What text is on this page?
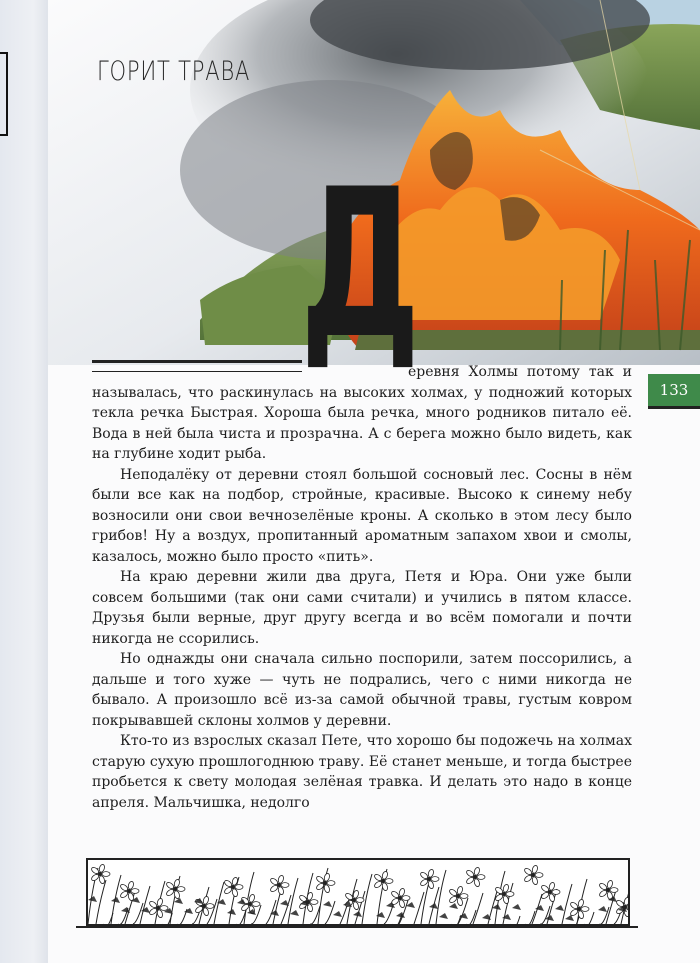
ГОРИТ ТРАВА
Д
133

еревня Холмы потому так и называлась, что раскинулась на высоких холмах, у подножий которых текла речка Быстрая. Хороша была речка, много родников питало её. Вода в ней была чиста и прозрачна. А с берега можно было видеть, как на глубине ходит рыба.

Неподалёку от деревни стоял большой сосновый лес. Сосны в нём были все как на подбор, стройные, красивые. Высоко к синему небу возносили они свои вечнозелёные кроны. А сколько в этом лесу было грибов! Ну а воздух, пропитанный ароматным запахом хвои и смолы, казалось, можно было просто «пить».

На краю деревни жили два друга, Петя и Юра. Они уже были совсем большими (так они сами считали) и учились в пятом классе. Друзья были верные, друг другу всегда и во всём помогали и почти никогда не ссорились.

Но однажды они сначала сильно поспорили, затем поссорились, а дальше и того хуже — чуть не подрались, чего с ними никогда не бывало. А произошло всё из-за самой обычной травы, густым ковром покрывавшей склоны холмов у деревни.

Кто-то из взрослых сказал Пете, что хорошо бы подожечь на холмах старую сухую прошлогоднюю траву. Её станет меньше, и тогда быстрее пробьется к свету молодая зелёная травка. И делать это надо в конце апреля. Мальчишка, недолго
